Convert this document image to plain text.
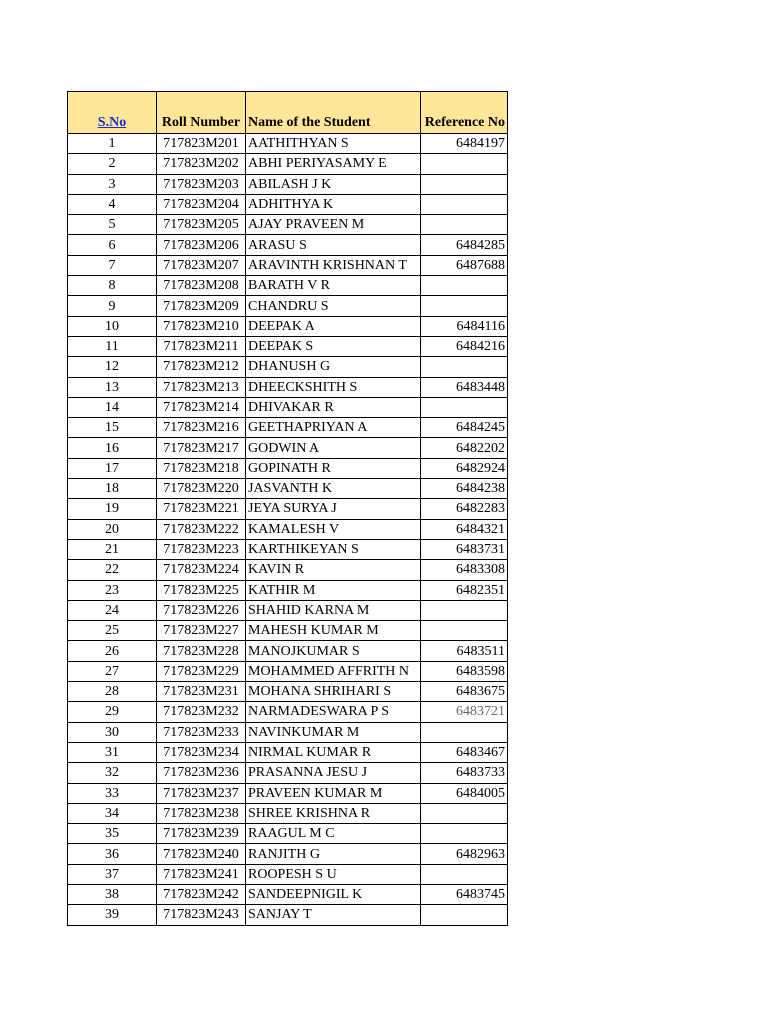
S.No	Roll Number	Name of the Student	Reference No
1	717823M201	AATHITHYAN S	6484197
2	717823M202	ABHI PERIYASAMY E	
3	717823M203	ABILASH J K	
4	717823M204	ADHITHYA K	
5	717823M205	AJAY PRAVEEN M	
6	717823M206	ARASU S	6484285
7	717823M207	ARAVINTH KRISHNAN T	6487688
8	717823M208	BARATH V R	
9	717823M209	CHANDRU S	
10	717823M210	DEEPAK A	6484116
11	717823M211	DEEPAK S	6484216
12	717823M212	DHANUSH G	
13	717823M213	DHEECKSHITH S	6483448
14	717823M214	DHIVAKAR R	
15	717823M216	GEETHAPRIYAN A	6484245
16	717823M217	GODWIN A	6482202
17	717823M218	GOPINATH R	6482924
18	717823M220	JASVANTH K	6484238
19	717823M221	JEYA SURYA J	6482283
20	717823M222	KAMALESH V	6484321
21	717823M223	KARTHIKEYAN S	6483731
22	717823M224	KAVIN R	6483308
23	717823M225	KATHIR M	6482351
24	717823M226	SHAHID KARNA M	
25	717823M227	MAHESH KUMAR M	
26	717823M228	MANOJKUMAR S	6483511
27	717823M229	MOHAMMED AFFRITH N	6483598
28	717823M231	MOHANA SHRIHARI S	6483675
29	717823M232	NARMADESWARA P S	6483721
30	717823M233	NAVINKUMAR M	
31	717823M234	NIRMAL KUMAR R	6483467
32	717823M236	PRASANNA JESU J	6483733
33	717823M237	PRAVEEN KUMAR M	6484005
34	717823M238	SHREE KRISHNA R	
35	717823M239	RAAGUL M C	
36	717823M240	RANJITH G	6482963
37	717823M241	ROOPESH S U	
38	717823M242	SANDEEPNIGIL K	6483745
39	717823M243	SANJAY T	
